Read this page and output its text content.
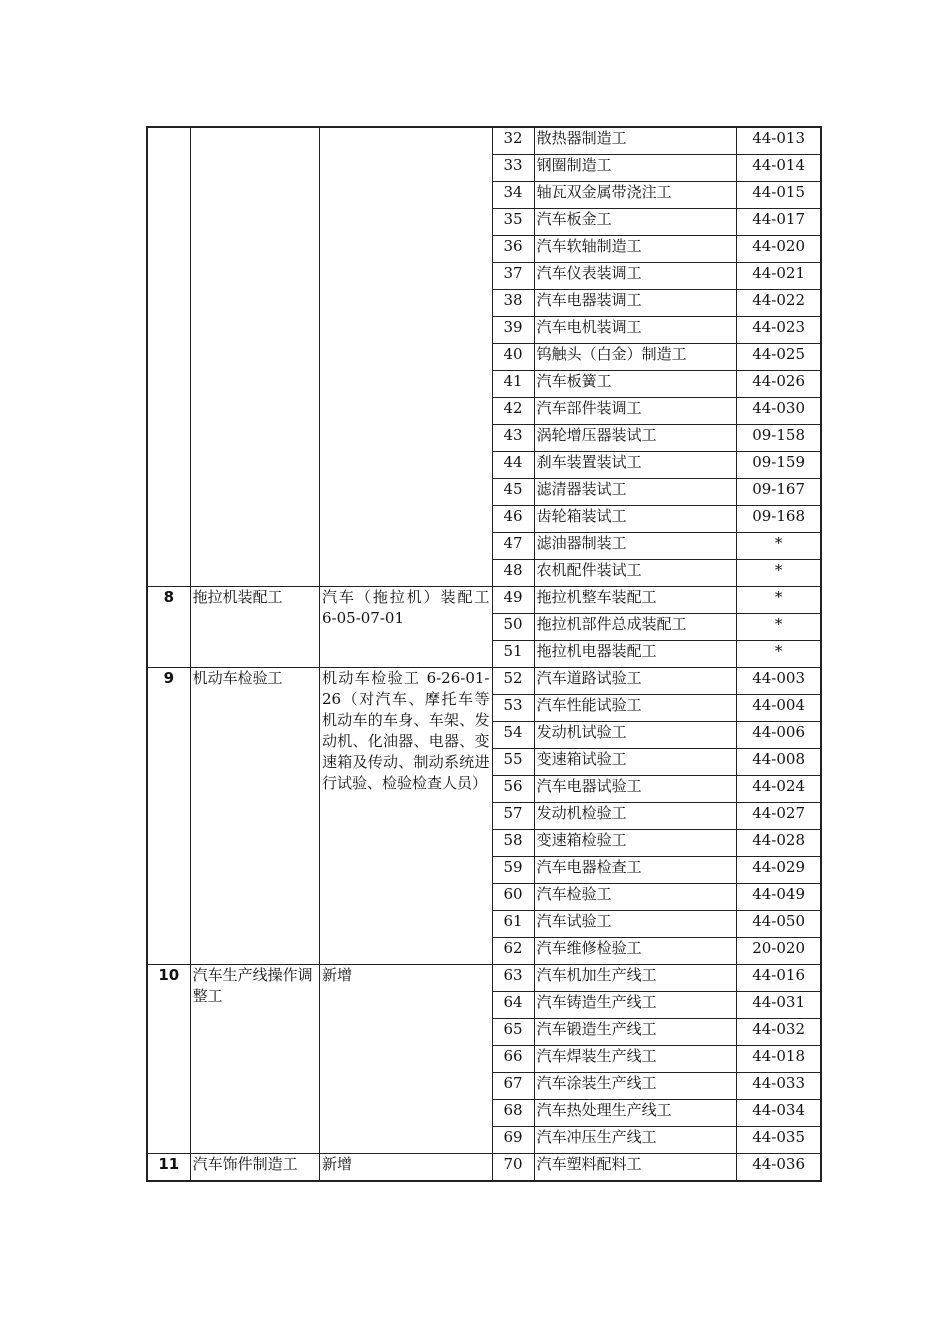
			32	散热器制造工	44-013
			33	钢圈制造工	44-014
			34	轴瓦双金属带浇注工	44-015
			35	汽车板金工	44-017
			36	汽车软轴制造工	44-020
			37	汽车仪表装调工	44-021
			38	汽车电器装调工	44-022
			39	汽车电机装调工	44-023
			40	钨触头（白金）制造工	44-025
			41	汽车板簧工	44-026
			42	汽车部件装调工	44-030
			43	涡轮增压器装试工	09-158
			44	刹车装置装试工	09-159
			45	滤清器装试工	09-167
			46	齿轮箱装试工	09-168
			47	滤油器制装工	*
			48	农机配件装试工	*
8	拖拉机装配工	汽车（拖拉机）装配工 6-05-07-01	49	拖拉机整车装配工	*
			50	拖拉机部件总成装配工	*
			51	拖拉机电器装配工	*
9	机动车检验工	机动车检验工 6-26-01-26（对汽车、摩托车等机动车的车身、车架、发动机、化油器、电器、变速箱及传动、制动系统进行试验、检验检查人员）	52	汽车道路试验工	44-003
			53	汽车性能试验工	44-004
			54	发动机试验工	44-006
			55	变速箱试验工	44-008
			56	汽车电器试验工	44-024
			57	发动机检验工	44-027
			58	变速箱检验工	44-028
			59	汽车电器检查工	44-029
			60	汽车检验工	44-049
			61	汽车试验工	44-050
			62	汽车维修检验工	20-020
10	汽车生产线操作调整工	新增	63	汽车机加生产线工	44-016
			64	汽车铸造生产线工	44-031
			65	汽车锻造生产线工	44-032
			66	汽车焊装生产线工	44-018
			67	汽车涂装生产线工	44-033
			68	汽车热处理生产线工	44-034
			69	汽车冲压生产线工	44-035
11	汽车饰件制造工	新增	70	汽车塑料配料工	44-036
